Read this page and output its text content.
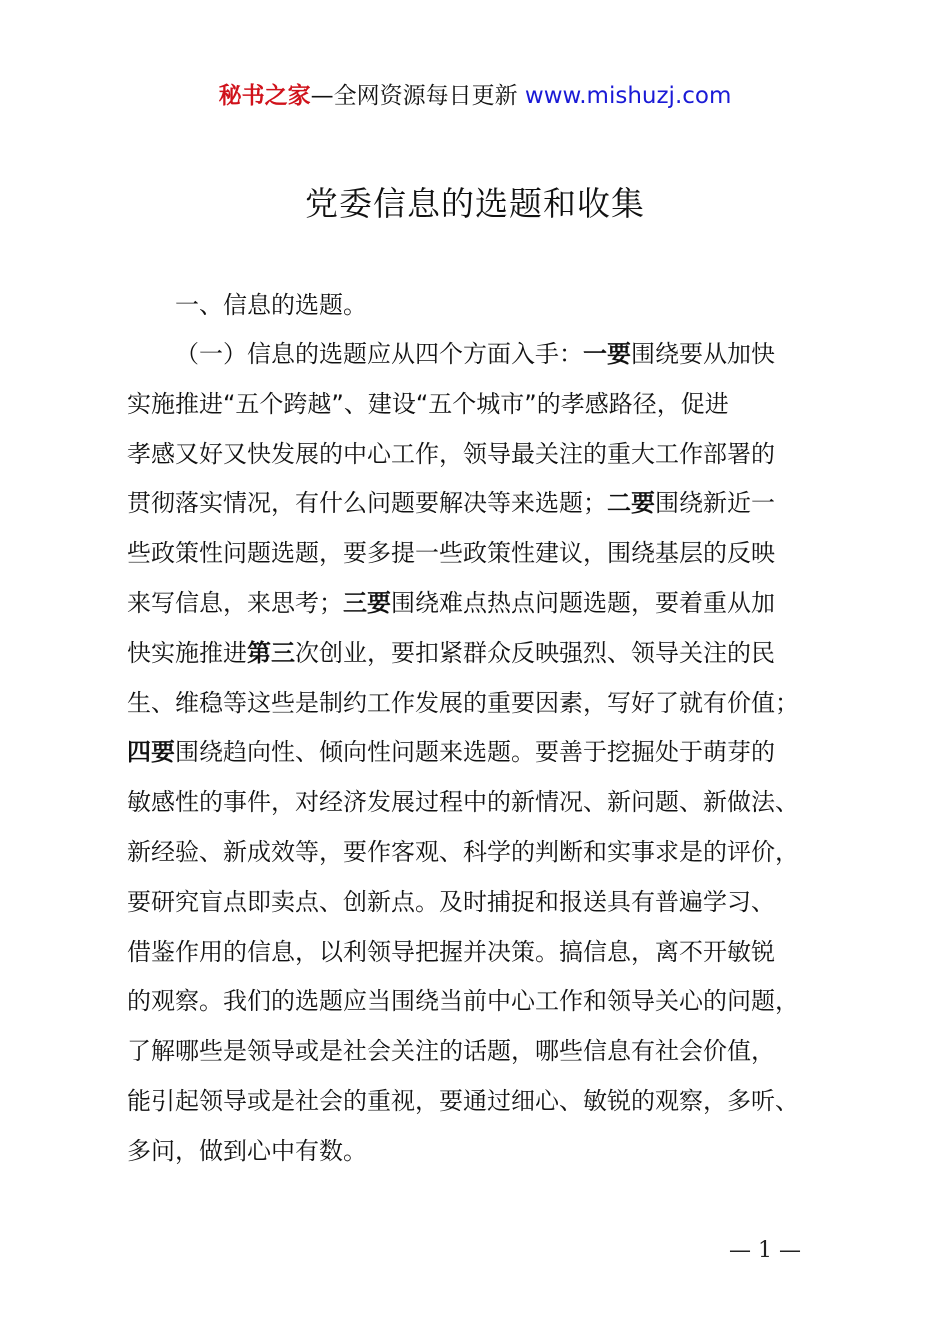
秘书之家—全网资源每日更新 www.mishuzj.com
党委信息的选题和收集

一、信息的选题。

（一）信息的选题应从四个方面入手：一要围绕要从加快
实施推进“五个跨越”、建设“五个城市”的孝感路径，促进
孝感又好又快发展的中心工作，领导最关注的重大工作部署的
贯彻落实情况，有什么问题要解决等来选题；二要围绕新近一
些政策性问题选题，要多提一些政策性建议，围绕基层的反映
来写信息，来思考；三要围绕难点热点问题选题，要着重从加
快实施推进第三次创业，要扣紧群众反映强烈、领导关注的民
生、维稳等这些是制约工作发展的重要因素，写好了就有价值；
四要围绕趋向性、倾向性问题来选题。要善于挖掘处于萌芽的
敏感性的事件，对经济发展过程中的新情况、新问题、新做法、
新经验、新成效等，要作客观、科学的判断和实事求是的评价，
要研究盲点即卖点、创新点。及时捕捉和报送具有普遍学习、
借鉴作用的信息，以利领导把握并决策。搞信息，离不开敏锐
的观察。我们的选题应当围绕当前中心工作和领导关心的问题，
了解哪些是领导或是社会关注的话题，哪些信息有社会价值，
能引起领导或是社会的重视，要通过细心、敏锐的观察，多听、
多问，做到心中有数。
— 1 —
